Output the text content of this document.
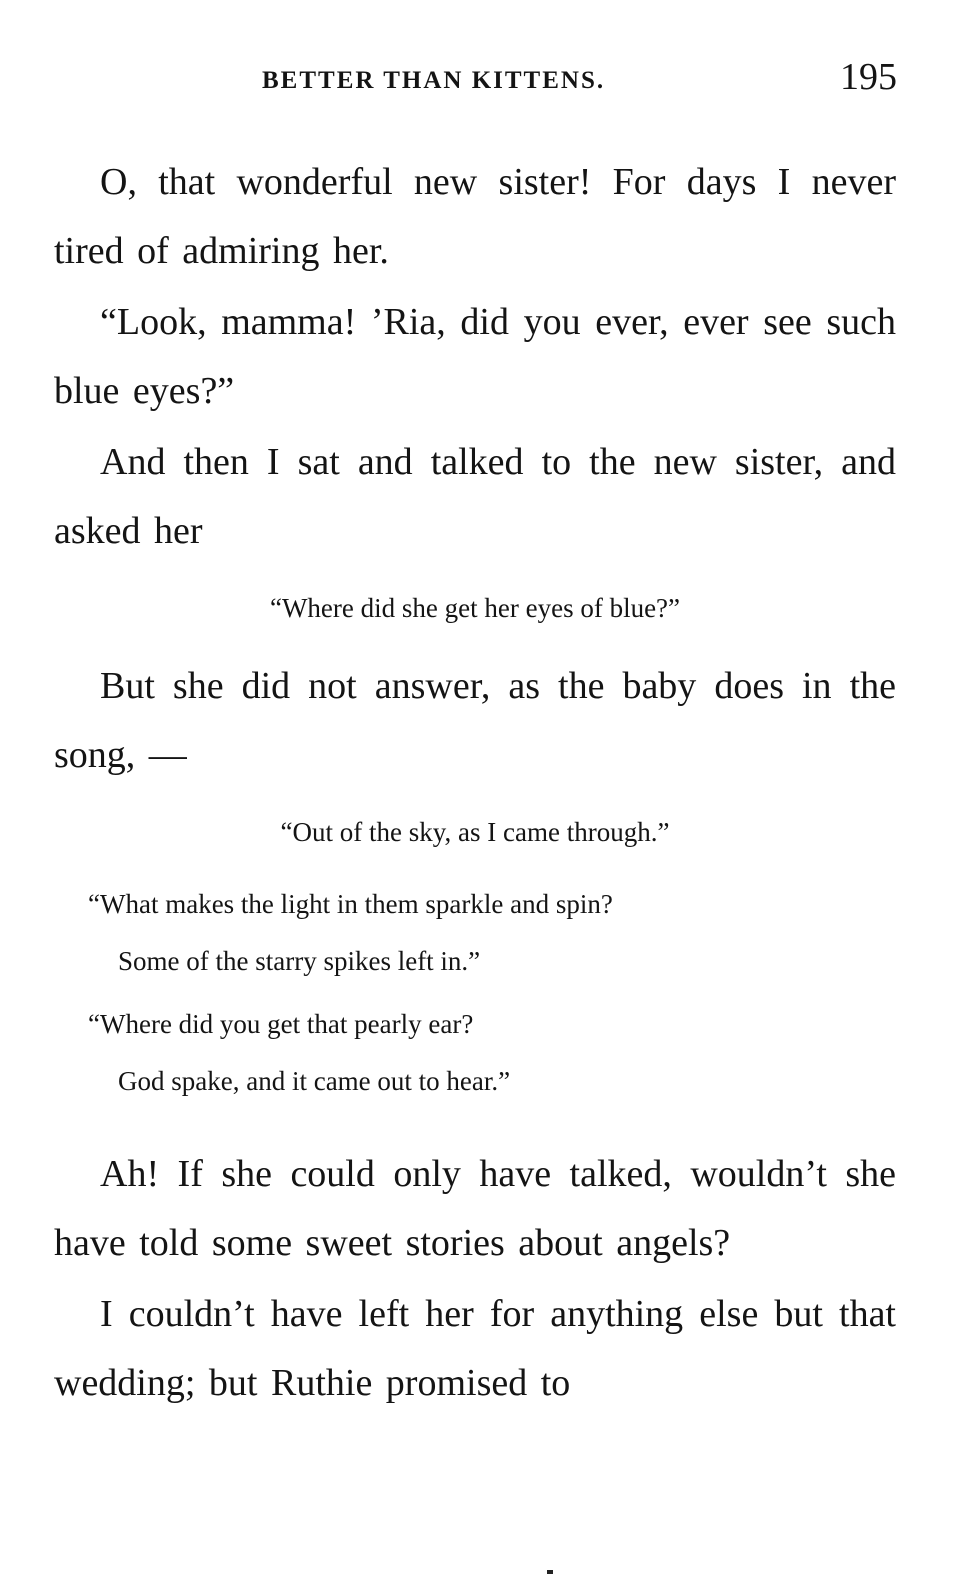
BETTER THAN KITTENS.	195

O, that wonderful new sister! For days I never tired of admiring her.

“Look, mamma! ’Ria, did you ever, ever see such blue eyes?”

And then I sat and talked to the new sister, and asked her

“Where did she get her eyes of blue?”

But she did not answer, as the baby does in the song, —

“Out of the sky, as I came through.”
“What makes the light in them sparkle and spin?
Some of the starry spikes left in.”
“Where did you get that pearly ear?
God spake, and it came out to hear.”

Ah! If she could only have talked, wouldn’t she have told some sweet stories about angels?

I couldn’t have left her for anything else but that wedding; but Ruthie promised to
